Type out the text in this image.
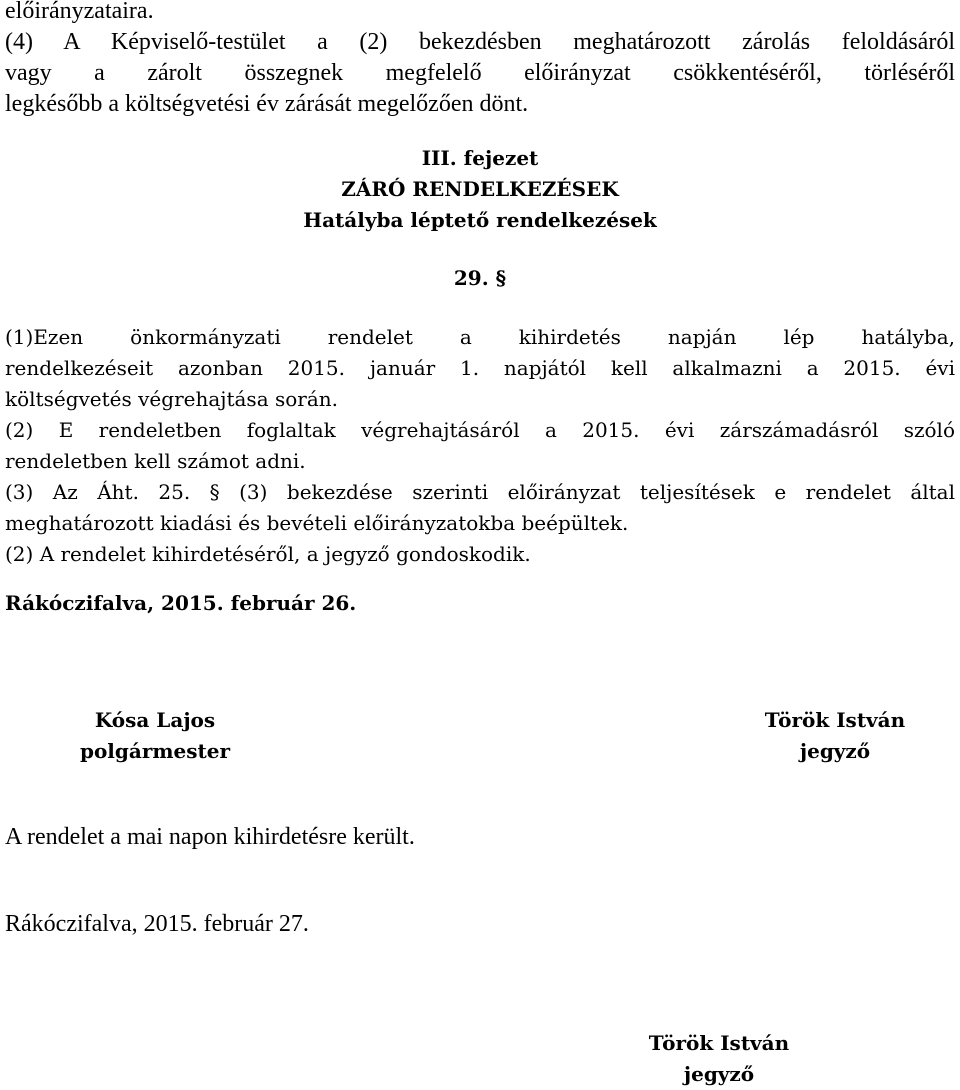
előirányzataira.
(4) A Képviselő-testület a (2) bekezdésben meghatározott zárolás feloldásáról
vagy a zárolt összegnek megfelelő előirányzat csökkentéséről, törléséről
legkésőbb a költségvetési év zárását megelőzően dönt.
III. fejezet
ZÁRÓ RENDELKEZÉSEK
Hatályba léptető rendelkezések
29. §
(1)Ezen önkormányzati rendelet a kihirdetés napján lép hatályba,
rendelkezéseit azonban 2015. január 1. napjától kell alkalmazni a 2015. évi
költségvetés végrehajtása során.
(2) E rendeletben foglaltak végrehajtásáról a 2015. évi zárszámadásról szóló
rendeletben kell számot adni.
(3) Az Áht. 25. § (3) bekezdése szerinti előirányzat teljesítések e rendelet által
meghatározott kiadási és bevételi előirányzatokba beépültek.
(2) A rendelet kihirdetéséről, a jegyző gondoskodik.
Rákóczifalva, 2015. február 26.
Kósa Lajos
polgármester
Török István
jegyző
A rendelet a mai napon kihirdetésre került.
Rákóczifalva, 2015. február 27.
Török István
jegyző
